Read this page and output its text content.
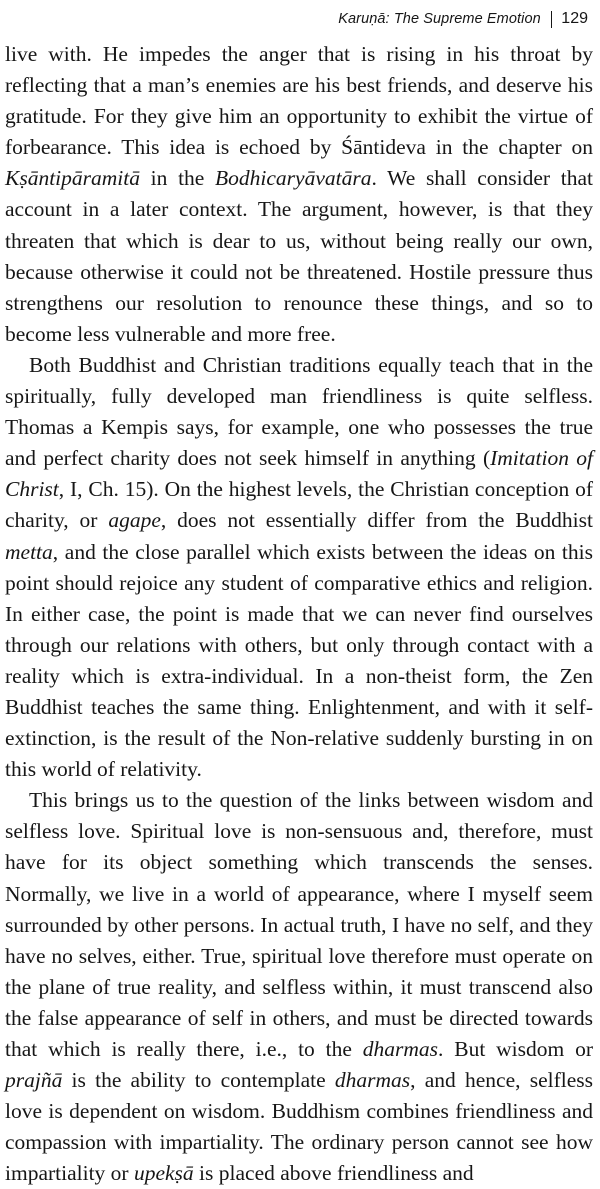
Karuṇā: The Supreme Emotion 129

live with. He impedes the anger that is rising in his throat by reflecting that a man’s enemies are his best friends, and deserve his gratitude. For they give him an opportunity to exhibit the virtue of forbearance. This idea is echoed by Śāntideva in the chapter on Kṣāntipāramitā in the Bodhicaryāvatāra. We shall consider that account in a later context. The argument, however, is that they threaten that which is dear to us, without being really our own, because otherwise it could not be threatened. Hostile pressure thus strengthens our resolution to renounce these things, and so to become less vulnerable and more free.

Both Buddhist and Christian traditions equally teach that in the spiritually, fully developed man friendliness is quite selfless. Thomas a Kempis says, for example, one who possesses the true and perfect charity does not seek himself in anything (Imitation of Christ, I, Ch. 15). On the highest levels, the Christian conception of charity, or agape, does not essentially differ from the Buddhist metta, and the close parallel which exists between the ideas on this point should rejoice any student of comparative ethics and religion. In either case, the point is made that we can never find ourselves through our relations with others, but only through contact with a reality which is extra-individual. In a non-theist form, the Zen Buddhist teaches the same thing. Enlightenment, and with it self-extinction, is the result of the Non-relative suddenly bursting in on this world of relativity.

This brings us to the question of the links between wisdom and selfless love. Spiritual love is non-sensuous and, therefore, must have for its object something which transcends the senses. Normally, we live in a world of appearance, where I myself seem surrounded by other persons. In actual truth, I have no self, and they have no selves, either. True, spiritual love therefore must operate on the plane of true reality, and selfless within, it must transcend also the false appearance of self in others, and must be directed towards that which is really there, i.e., to the dharmas. But wisdom or prajñā is the ability to contemplate dharmas, and hence, selfless love is dependent on wisdom. Buddhism combines friendliness and compassion with impartiality. The ordinary person cannot see how impartiality or upekṣā is placed above friendliness and
